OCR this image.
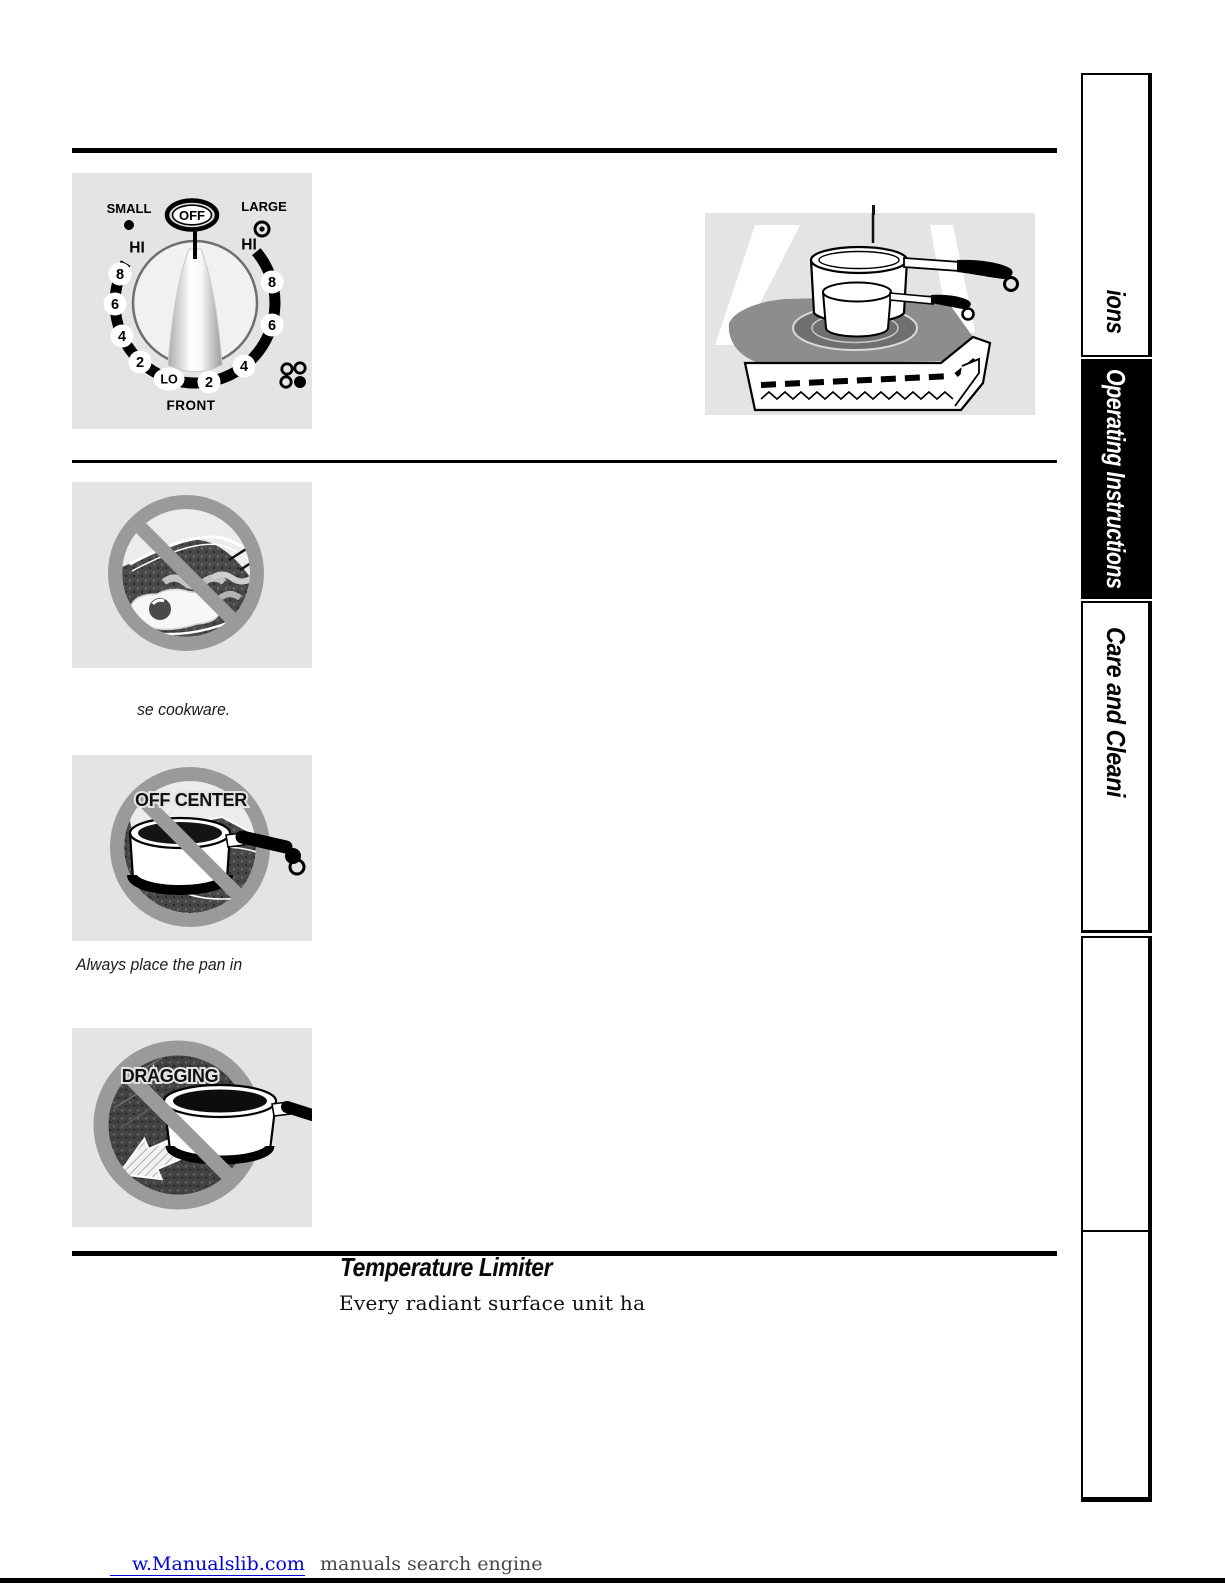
OFF
SMALL	LARGE
HI
8
6
4
2
LO 2
4
6
8
HI
FRONT
se cookware.
OFF CENTER
Always place the pan in
DRAGGING
Temperature Limiter

Every radiant surface unit ha

ions
Operating Instructions
Care and Cleani
w.Manualslib.com manuals search engine
